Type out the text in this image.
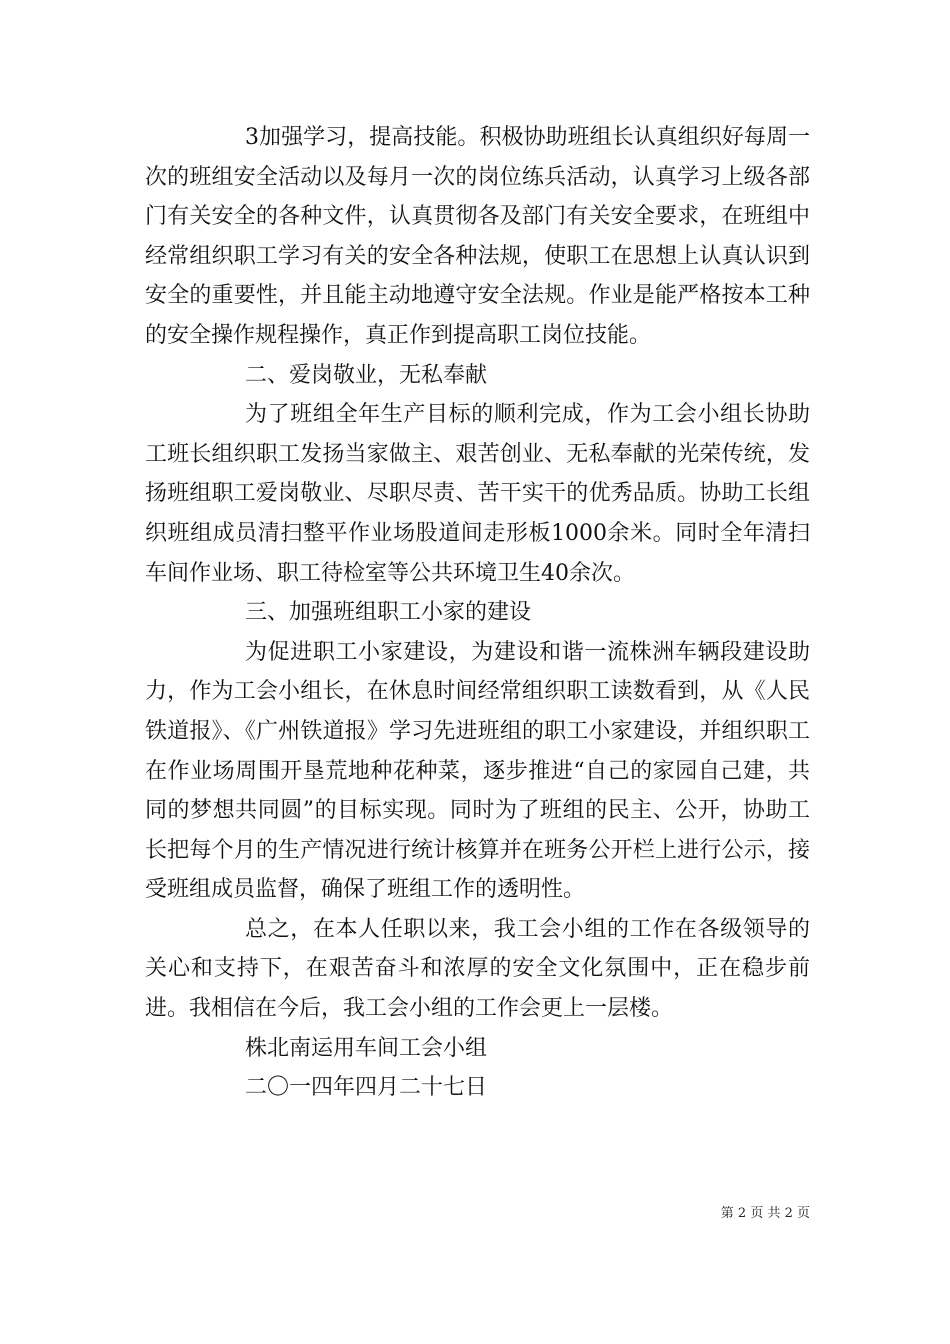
3加强学习，提高技能。积极协助班组长认真组织好每周一次的班组安全活动以及每月一次的岗位练兵活动，认真学习上级各部门有关安全的各种文件，认真贯彻各及部门有关安全要求，在班组中经常组织职工学习有关的安全各种法规，使职工在思想上认真认识到安全的重要性，并且能主动地遵守安全法规。作业是能严格按本工种的安全操作规程操作，真正作到提高职工岗位技能。

二、爱岗敬业，无私奉献

为了班组全年生产目标的顺利完成，作为工会小组长协助工班长组织职工发扬当家做主、艰苦创业、无私奉献的光荣传统，发扬班组职工爱岗敬业、尽职尽责、苦干实干的优秀品质。协助工长组织班组成员清扫整平作业场股道间走形板1000余米。同时全年清扫车间作业场、职工待检室等公共环境卫生40余次。

三、加强班组职工小家的建设

为促进职工小家建设，为建设和谐一流株洲车辆段建设助力，作为工会小组长，在休息时间经常组织职工读数看到，从《人民铁道报》、《广州铁道报》学习先进班组的职工小家建设，并组织职工在作业场周围开垦荒地种花种菜，逐步推进“自己的家园自己建，共同的梦想共同圆”的目标实现。同时为了班组的民主、公开，协助工长把每个月的生产情况进行统计核算并在班务公开栏上进行公示，接受班组成员监督，确保了班组工作的透明性。

总之，在本人任职以来，我工会小组的工作在各级领导的关心和支持下，在艰苦奋斗和浓厚的安全文化氛围中，正在稳步前进。我相信在今后，我工会小组的工作会更上一层楼。

株北南运用车间工会小组

二〇一四年四月二十七日

第 2 页 共 2 页
